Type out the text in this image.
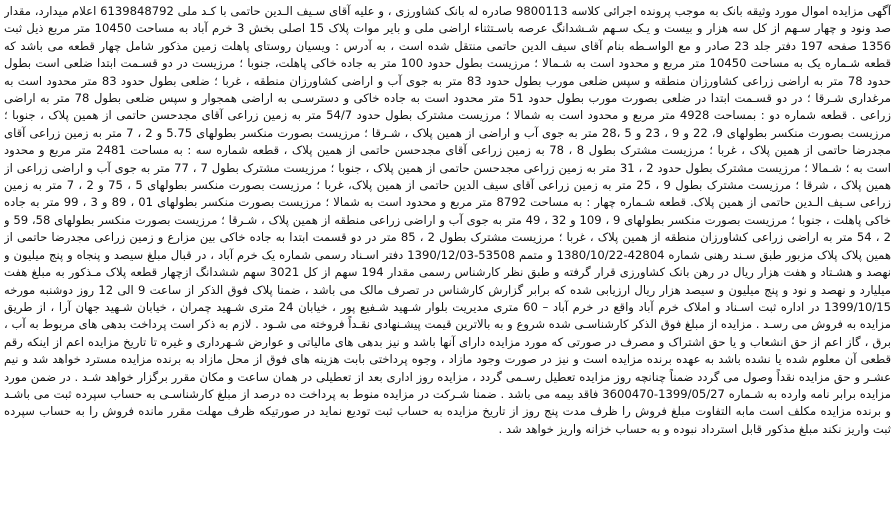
آگهی مزایده اموال مورد وثیقه بانک به موجب پرونده اجرائی کلاسه 9800113 صادره له بانک کشاورزی ، و علیه آقای سـیف الـدین حاتمی با کـد ملی 6139848792 اعلام میدارد، مقدار صد ونود و چهار سـهم از کل سه هزار و بیست و یـک سـهم شـشدانگ عرصه باسـتثناء اراضی ملی و بایر موات پلاک 15 اصلی بخش 3 خرم آباد به مساحت 10450 متر مربع ذیل ثبت 1356 صفحه 197 دفتر جلد 23 صادر و مع الواسـطه بنام آقای سیف الدین حاتمی منتقل شده است ، به آدرس : ویسیان روستای پاهلت زمین مذکور شامل چهار قطعه می باشد که قطعه شـماره یک به مساحت 10450 متر مربع و محدود است به شـمالا ؛ مرزیست بطول حدود 100 متر به جاده خاکی پاهلت، جنوبا ؛ مرزیست در دو قسـمت ابتدا ضلعی است بطول حدود 78 متر به اراضی زراعی کشاورزان منطقه و سپس ضلعی مورب بطول حدود 83 متر به جوی آب و اراضی کشاورزان منطقه ، غربا ؛ ضلعی بطول حدود 83 متر محدود است به مرغداری شـرقا ؛ در دو قسـمت ابتدا در ضلعی بصورت مورب بطول حدود 51 متر محدود است به جاده خاکی و دسترسـی به اراضی همجوار و سپس ضلعی بطول 78 متر به اراضی زراعی . قطعه شماره دو : بمساحت 4928 متر مربع و محدود است به شمالا ؛ مرزیست مشترک بطول حدود 54/7 متر به زمین زراعی آقای مجدحسن حاتمی از همین پلاک ، جنوبا ؛ مرزیست بصورت منکسر بطولهای 9، 22 و 9 ، 23 و 5 ،28 متر به جوی آب و اراضی از همین پلاک ، شـرقا ؛ مرزیست بصورت منکسر بطولهای 5.75 و 2 ، 7 متر به زمین زراعی آقای مجدرضا حاتمی از همین پلاک ، غربا ؛ مرزیست مشترک بطول 8 ، 78 به زمین زراعی آقای مجدحسن حاتمی از همین پلاک ، قطعه شماره سه : به مساحت 2481 متر مربع و محدود است به ؛ شـمالا ؛ مرزیست مشترک بطول حدود 2 ، 31 متر به زمین زراعی مجدحسن حاتمی از همین پلاک ، جنوبا ؛ مرزیست مشترک بطول 7 ، 77 متر به جوی آب و اراضی زراعی از همین پلاک ، شرقا ؛ مرزیست مشترک بطول 9 ، 25 متر به زمین زراعی آقای سیف الدین حاتمی از همین پلاک، غربا ؛ مرزیست بصورت منکسر بطولهای 5 ، 75 و 2 ، 7 متر به زمین زراعی سـیف الـدین حاتمی از همین پلاک. قطعه شـماره چهار : به مساحت 8792 متر مربع و محدود است به شمالا ؛ مرزیست بصورت منکسر بطولهای 01 ، 89 و 3 ، 99 متر به جاده خاکی پاهلت ، جنوبا ؛ مرزیست بصورت منکسر بطولهای 9 ، 109 و 32 ، 49 متر به جوی آب و اراضی زراعی منطقه از همین پلاک ، شـرقا ؛ مرزیست بصورت منکسر بطولهای 58، 59 و 2 ، 54 متر به اراضی زراعی کشاورزان منطقه از همین پلاک ، غربا ؛ مرزیست مشترک بطول 2 ، 85 متر در دو قسمت ابتدا به جاده خاکی بین مزارع و زمین زراعی مجدرضا حاتمی از همین پلاک پلاک مزبور طبق سـند رهنی شماره 42804-1380/10/22 و متمم 53508-1390/12/03 دفتر اسـناد رسمی شماره یک خرم آباد ، در قبال مبلغ سیصد و پنجاه و پنج میلیون و نهصد و هشـتاد و هفت هزار ریال در رهن بانک کشاورزی قرار گرفته و طبق نظر کارشناس رسمی مقدار 194 سهم از کل 3021 سهم ششدانگ ازچهار قطعه پلاک مـذکور به مبلغ هفت میلیارد و نهصد و نود و پنج میلیون و سیصد هزار ریال ارزیابی شده که برابر گزارش کارشناس در تصرف مالک می باشد ، ضمنا پلاک فوق الذکر از ساعت 9 الی 12 روز دوشنبه مورخه 1399/10/15 در اداره ثبت اسـناد و املاک خرم آباد واقع در خرم آباد – 60 متری مدیریت بلوار شـهید شـفیع پور ، خیابان 24 متری شـهید چمران ، خیابان شـهید جهان آرا ، از طریق مزایده به فروش می رسـد . مزایده از مبلغ فوق الذکر کارشناسـی شده شروع و به بالاترین قیمت پیشـنهادی نقـداً فروخته می شـود . لازم به ذکر است پرداخت بدهی های مربوط به آب ، برق ، گاز اعم از حق انشعاب و یا حق اشتراک و مصرف در صورتی که مورد مزایده دارای آنها باشد و نیز بدهی های مالیاتی و عوارض شـهرداری و غیره تا تاریخ مزایده اعم از اینکه رقم قطعی آن معلوم شده یا نشده باشد به عهده برنده مزایده است و نیز در صورت وجود مازاد ، وجوه پرداختی بابت هزینه های فوق از محل مازاد به برنده مزایده مسترد خواهد شد و نیم عشـر و حق مزایده نقداً وصول می گردد ضمناً چنانچه روز مزایده تعطیل رسـمی گردد ، مزایده روز اداری بعد از تعطیلی در همان ساعت و مکان مقرر برگزار خواهد شـد . در ضمن مورد مزایده برابر نامه وارده به شـماره 1399/05/27-3600470 فاقد بیمه می باشد . ضمنا شـرکت در مزایده منوط به پرداخت ده درصد از مبلغ کارشناسـی به حساب سپرده ثبت می باشـد و برنده مزایده مکلف است مابه التفاوت مبلغ فروش را ظرف مدت پنج روز از تاریخ مزایده به حساب ثبت تودیع نماید در صورتیکه ظرف مهلت مقرر مانده فروش را به حساب سپرده ثبت واریز نکند مبلغ مذکور قابل استرداد نبوده و به حساب خزانه واریز خواهد شد .
